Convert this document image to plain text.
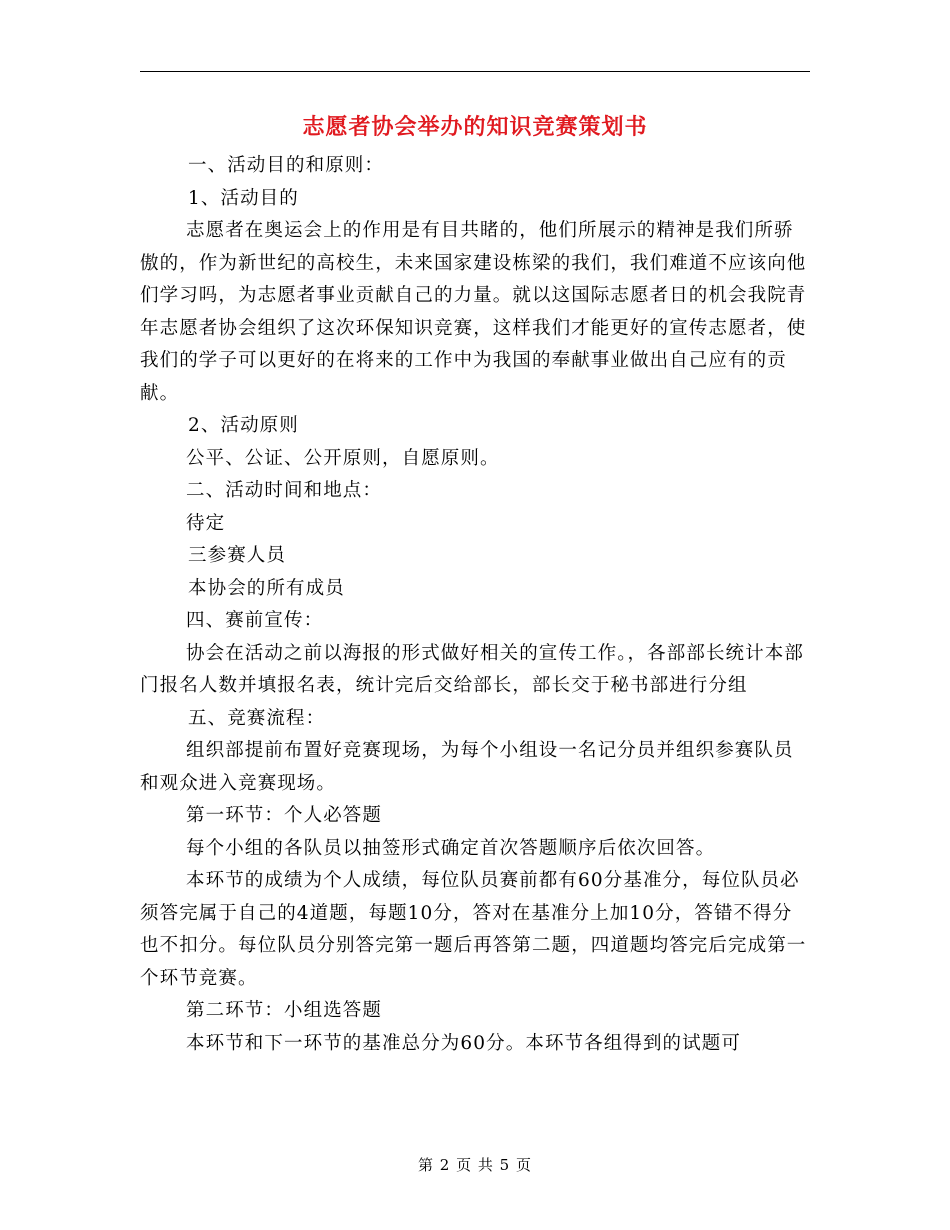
志愿者协会举办的知识竞赛策划书

一、活动目的和原则：

1、活动目的

志愿者在奥运会上的作用是有目共睹的，他们所展示的精神是我们所骄傲的，作为新世纪的高校生，未来国家建设栋梁的我们，我们难道不应该向他们学习吗，为志愿者事业贡献自己的力量。就以这国际志愿者日的机会我院青年志愿者协会组织了这次环保知识竞赛，这样我们才能更好的宣传志愿者，使我们的学子可以更好的在将来的工作中为我国的奉献事业做出自己应有的贡献。

2、活动原则

公平、公证、公开原则，自愿原则。

二、活动时间和地点：

待定

三参赛人员

本协会的所有成员

四、赛前宣传：

协会在活动之前以海报的形式做好相关的宣传工作。，各部部长统计本部门报名人数并填报名表，统计完后交给部长，部长交于秘书部进行分组

五、竞赛流程：

组织部提前布置好竞赛现场，为每个小组设一名记分员并组织参赛队员和观众进入竞赛现场。

第一环节：个人必答题

每个小组的各队员以抽签形式确定首次答题顺序后依次回答。

本环节的成绩为个人成绩，每位队员赛前都有60分基准分，每位队员必须答完属于自己的4道题，每题10分，答对在基准分上加10分，答错不得分也不扣分。每位队员分别答完第一题后再答第二题，四道题均答完后完成第一个环节竞赛。

第二环节：小组选答题

本环节和下一环节的基准总分为60分。本环节各组得到的试题可

第 2 页 共 5 页
